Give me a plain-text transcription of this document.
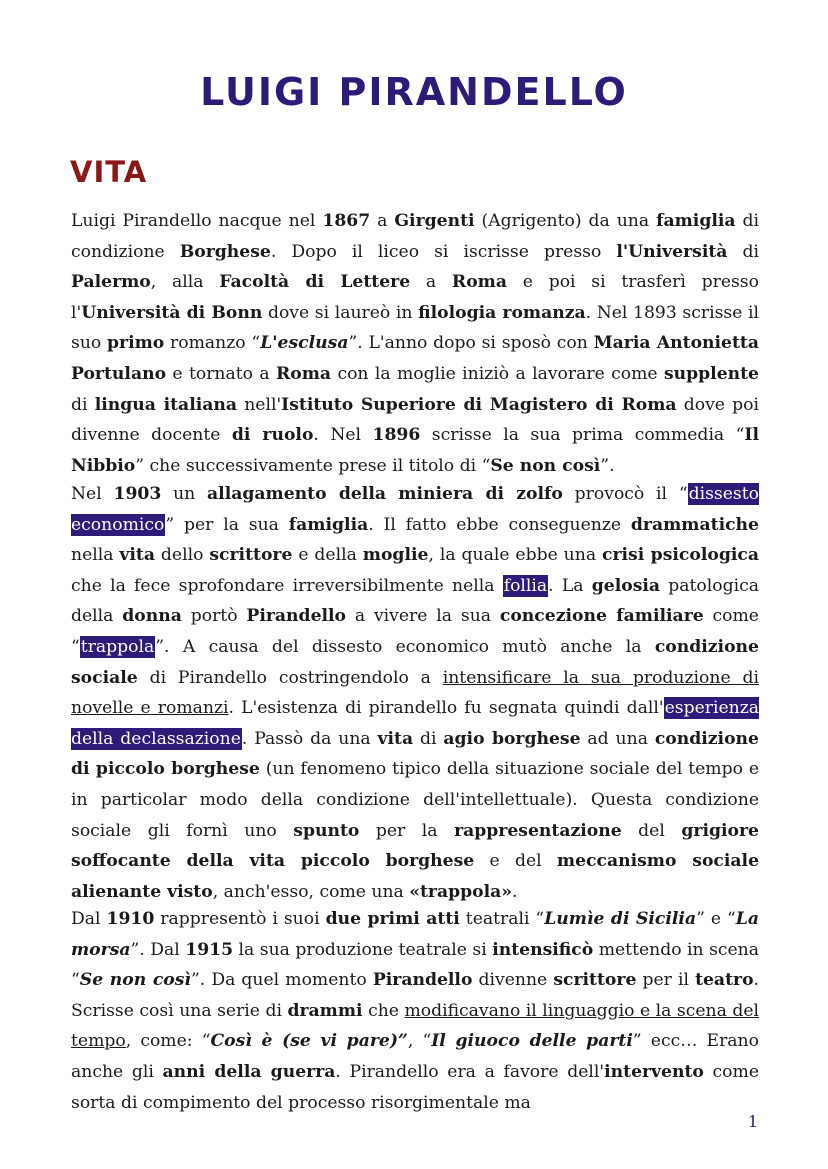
LUIGI PIRANDELLO
VITA

Luigi Pirandello nacque nel 1867 a Girgenti (Agrigento) da una famiglia di condizione Borghese. Dopo il liceo si iscrisse presso l'Università di Palermo, alla Facoltà di Lettere a Roma e poi si trasferì presso l'Università di Bonn dove si laureò in filologia romanza. Nel 1893 scrisse il suo primo romanzo “L'esclusa”. L'anno dopo si sposò con Maria Antonietta Portulano e tornato a Roma con la moglie iniziò a lavorare come supplente di lingua italiana nell'Istituto Superiore di Magistero di Roma dove poi divenne docente di ruolo. Nel 1896 scrisse la sua prima commedia “Il Nibbio” che successivamente prese il titolo di “Se non così”.

Nel 1903 un allagamento della miniera di zolfo provocò il “dissesto economico” per la sua famiglia. Il fatto ebbe conseguenze drammatiche nella vita dello scrittore e della moglie, la quale ebbe una crisi psicologica che la fece sprofondare irreversibilmente nella follia. La gelosia patologica della donna portò Pirandello a vivere la sua concezione familiare come “trappola”. A causa del dissesto economico mutò anche la condizione sociale di Pirandello costringendolo a intensificare la sua produzione di novelle e romanzi. L'esistenza di pirandello fu segnata quindi dall'esperienza della declassazione. Passò da una vita di agio borghese ad una condizione di piccolo borghese (un fenomeno tipico della situazione sociale del tempo e in particolar modo della condizione dell'intellettuale). Questa condizione sociale gli fornì uno spunto per la rappresentazione del grigiore soffocante della vita piccolo borghese e del meccanismo sociale alienante visto, anch'esso, come una «trappola».

Dal 1910 rappresentò i suoi due primi atti teatrali “Lumìe di Sicilia” e “La morsa”. Dal 1915 la sua produzione teatrale si intensificò mettendo in scena “Se non così”. Da quel momento Pirandello divenne scrittore per il teatro. Scrisse così una serie di drammi che modificavano il linguaggio e la scena del tempo, come: “Così è (se vi pare)”, “Il giuoco delle parti” ecc… Erano anche gli anni della guerra. Pirandello era a favore dell'intervento come sorta di compimento del processo risorgimentale ma

1
